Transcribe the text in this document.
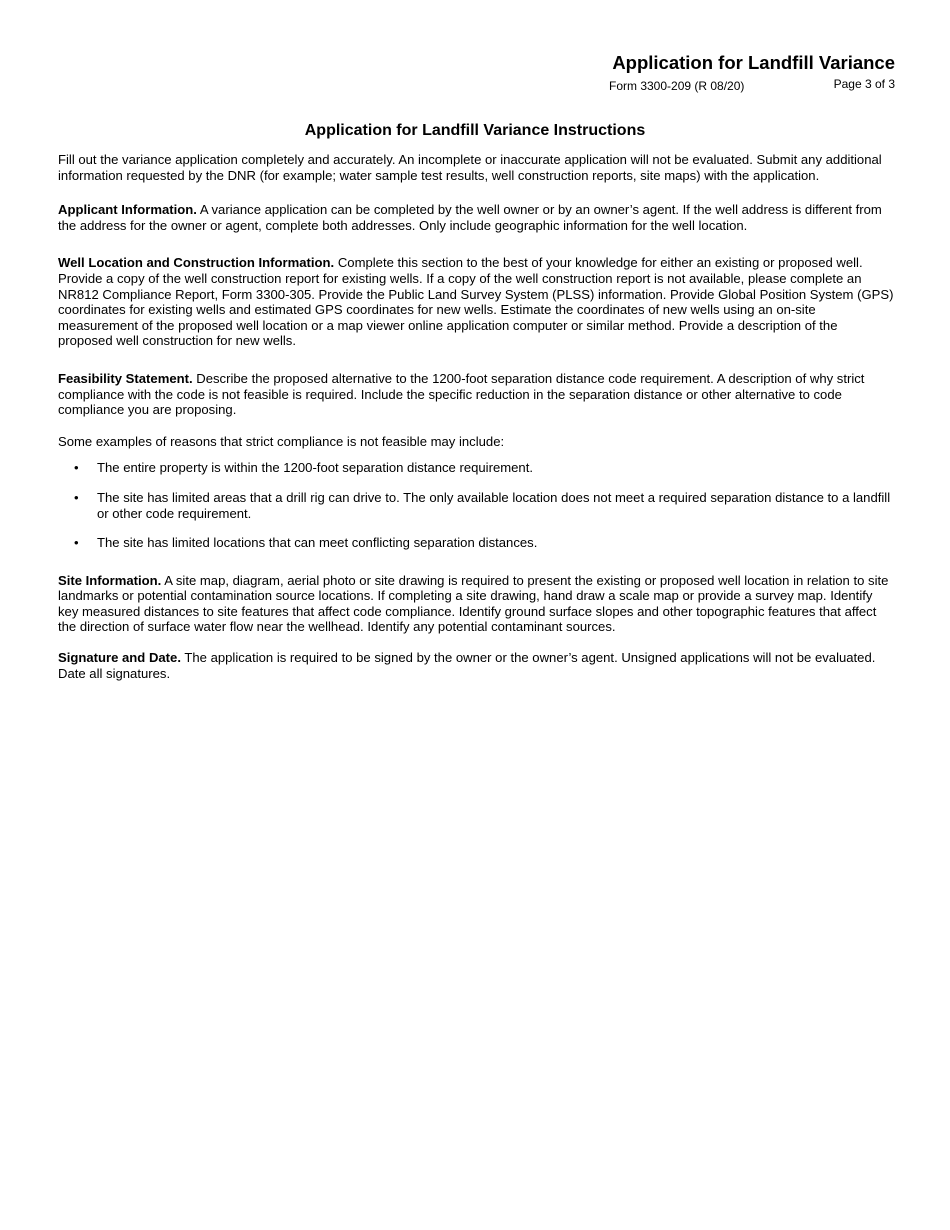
Application for Landfill Variance
Form 3300-209 (R 08/20)	Page 3 of 3
Application for Landfill Variance Instructions

Fill out the variance application completely and accurately. An incomplete or inaccurate application will not be evaluated. Submit any additional information requested by the DNR (for example; water sample test results, well construction reports, site maps) with the application.

Applicant Information. A variance application can be completed by the well owner or by an owner’s agent. If the well address is different from the address for the owner or agent, complete both addresses. Only include geographic information for the well location.

Well Location and Construction Information. Complete this section to the best of your knowledge for either an existing or proposed well. Provide a copy of the well construction report for existing wells. If a copy of the well construction report is not available, please complete an NR812 Compliance Report, Form 3300-305. Provide the Public Land Survey System (PLSS) information. Provide Global Position System (GPS) coordinates for existing wells and estimated GPS coordinates for new wells. Estimate the coordinates of new wells using an on-site measurement of the proposed well location or a map viewer online application computer or similar method. Provide a description of the proposed well construction for new wells.

Feasibility Statement. Describe the proposed alternative to the 1200-foot separation distance code requirement. A description of why strict compliance with the code is not feasible is required. Include the specific reduction in the separation distance or other alternative to code compliance you are proposing.

Some examples of reasons that strict compliance is not feasible may include:

• The entire property is within the 1200-foot separation distance requirement.
• The site has limited areas that a drill rig can drive to. The only available location does not meet a required separation distance to a landfill or other code requirement.
• The site has limited locations that can meet conflicting separation distances.

Site Information. A site map, diagram, aerial photo or site drawing is required to present the existing or proposed well location in relation to site landmarks or potential contamination source locations. If completing a site drawing, hand draw a scale map or provide a survey map. Identify key measured distances to site features that affect code compliance. Identify ground surface slopes and other topographic features that affect the direction of surface water flow near the wellhead. Identify any potential contaminant sources.

Signature and Date. The application is required to be signed by the owner or the owner’s agent. Unsigned applications will not be evaluated. Date all signatures.
